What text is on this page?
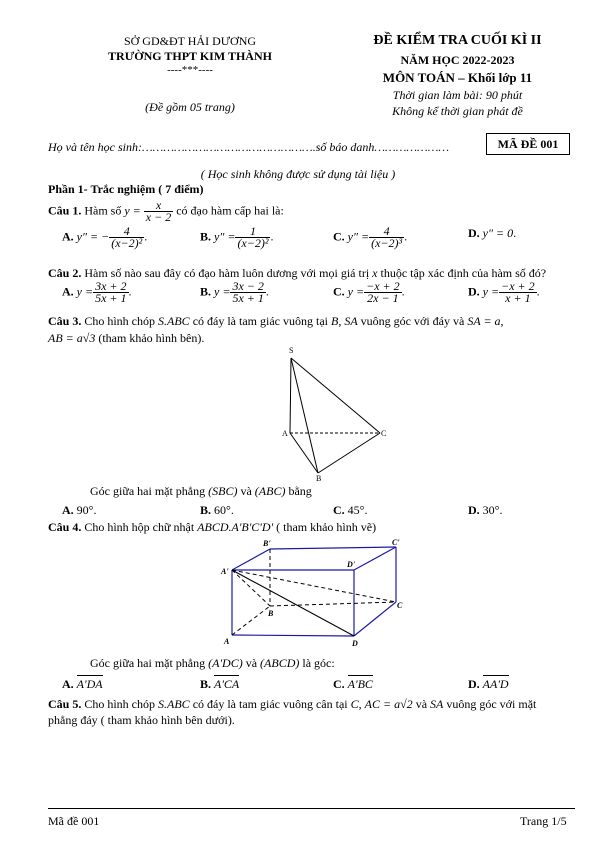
SỞ GD&ĐT HẢI DƯƠNG
TRƯỜNG THPT KIM THÀNH
----***----
(Đề gồm 05 trang)
ĐỀ KIỂM TRA CUỐI KÌ II
NĂM HỌC 2022-2023
MÔN TOÁN – Khối lớp 11
Thời gian làm bài: 90 phút
Không kể thời gian phát đề
Họ và tên học sinh:………………………………………….số báo danh…………………	MÃ ĐỀ 001
( Học sinh không được sử dụng tài liệu )
Phần 1- Trắc nghiệm ( 7 điểm)
Câu 1. Hàm số $y = \frac{x}{x - 2}$ có đạo hàm cấp hai là:
A. y″ = − $\frac{4}{\text{(x−2)²}}$ .	B. $y'' = \frac{1}{\text{(x−2)²}}$ .	C. $y'' = \frac{4}{\text{(x−2)³}}$ .	D. y″ = 0.
Câu 2. Hàm số nào sau đây có đạo hàm luôn dương với mọi giá trị x thuộc tập xác định của hàm số đó?
A. $y = \frac{3x + 2}{5x + 1}$ .	B. $y = \frac{3x - 2}{5x + 1}$ .	C. $y = \frac{-x + 2}{2x - 1}$ .	D. $y = \frac{-x + 2}{x + 1}$ .
Câu 3. Cho hình chóp S.ABC có đáy là tam giác vuông tại B, SA vuông góc với đáy và SA = a,
AB = a√3 (tham khảo hình bên).
S
A
B
C
Góc giữa hai mặt phẳng (SBC) và (ABC) bằng
A. 90°.	B. 60°.	C. 45°.	D. 30°.
Câu 4. Cho hình hộp chữ nhật ABCD.A'B'C'D' ( tham khảo hình vẽ)
A'
B'	C'
D'
A
B
C
D
Góc giữa hai mặt phẳng (A'DC) và (ABCD) là góc:
A. A'DA	B. A'CA	C. A'BC	D. AA'D
Câu 5. Cho hình chóp S.ABC có đáy là tam giác vuông cân tại C, AC = a√2 và SA vuông góc với mặt
phẳng đáy ( tham khảo hình bên dưới).
Mã đề 001	Trang 1/5
